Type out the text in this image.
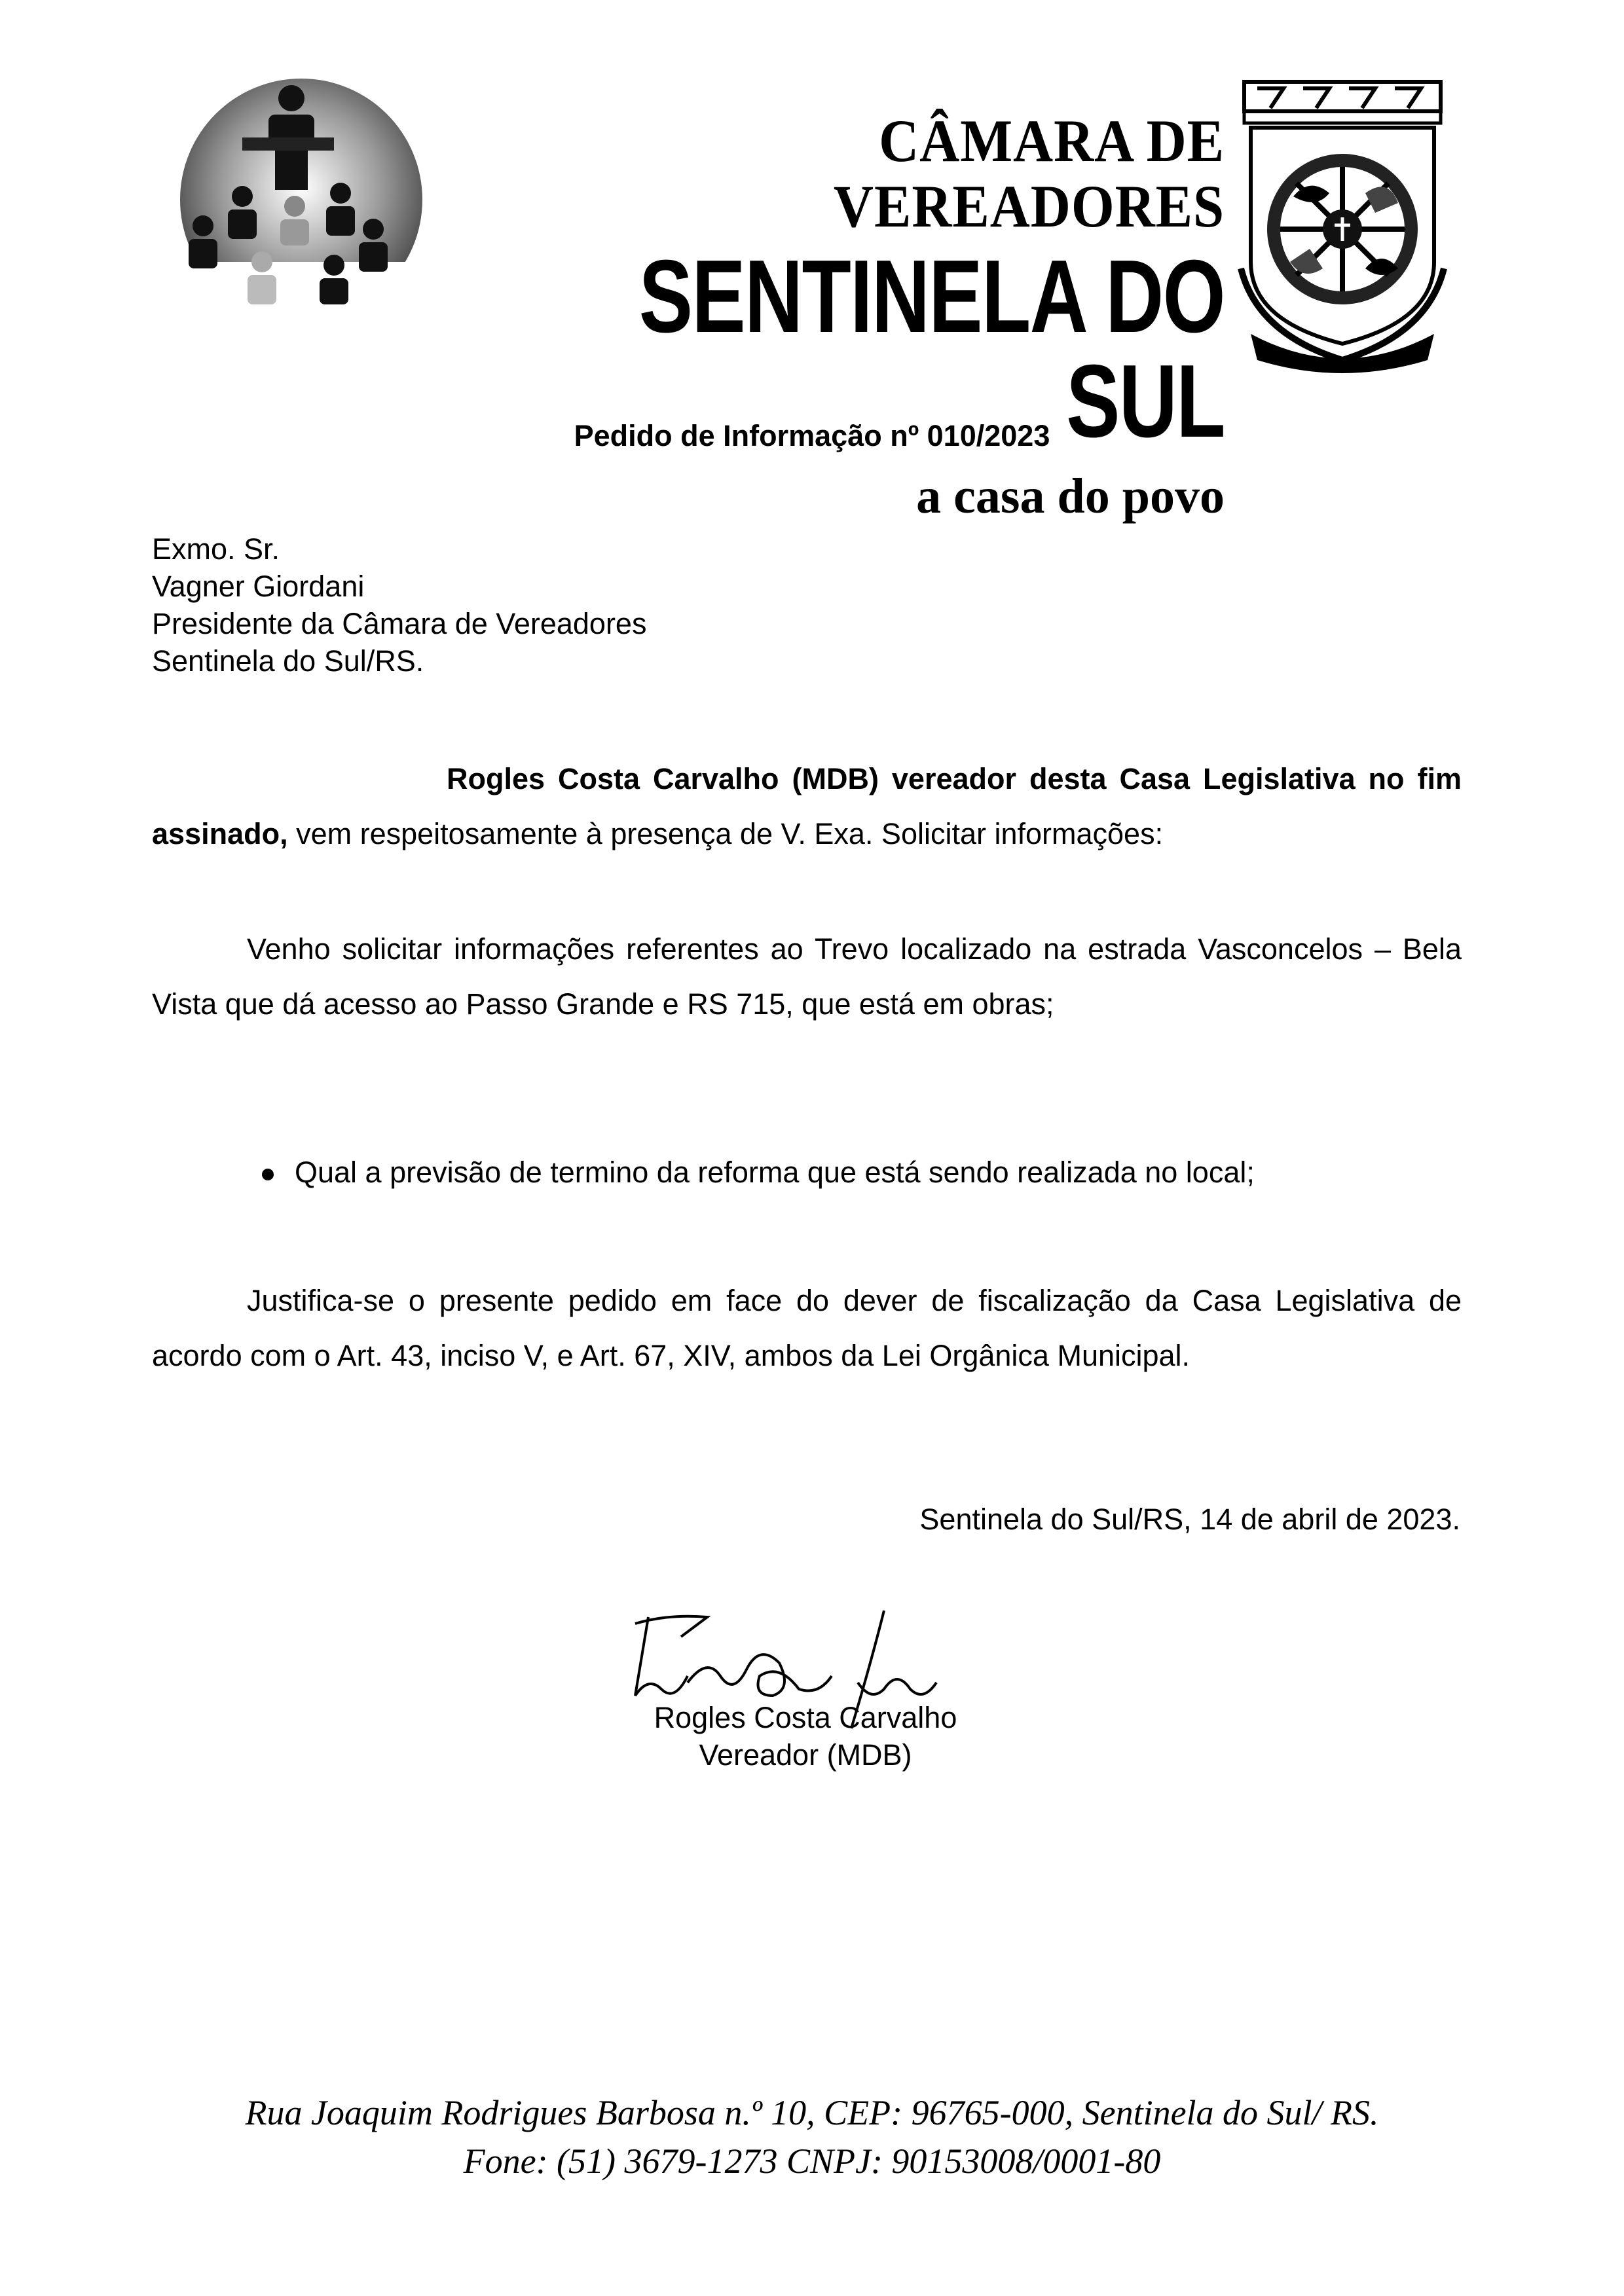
CÂMARA DE VEREADORES

SENTINELA DO SUL

a casa do povo

Pedido de Informação nº 010/2023
Exmo. Sr.
Vagner Giordani
Presidente da Câmara de Vereadores
Sentinela do Sul/RS.
Rogles Costa Carvalho (MDB) vereador desta Casa Legislativa no fim assinado, vem respeitosamente à presença de V. Exa. Solicitar informações:
Venho solicitar informações referentes ao Trevo localizado na estrada Vasconcelos – Bela Vista que dá acesso ao Passo Grande e RS 715, que está em obras;
Qual a previsão de termino da reforma que está sendo realizada no local;
Justifica-se o presente pedido em face do dever de fiscalização da Casa Legislativa de acordo com o Art. 43, inciso V, e Art. 67, XIV, ambos da Lei Orgânica Municipal.
Sentinela do Sul/RS, 14 de abril de 2023.
Rogles Costa Carvalho
Vereador (MDB)
Rua Joaquim Rodrigues Barbosa n.º 10, CEP: 96765-000, Sentinela do Sul/ RS.
Fone: (51) 3679-1273 CNPJ: 90153008/0001-80
